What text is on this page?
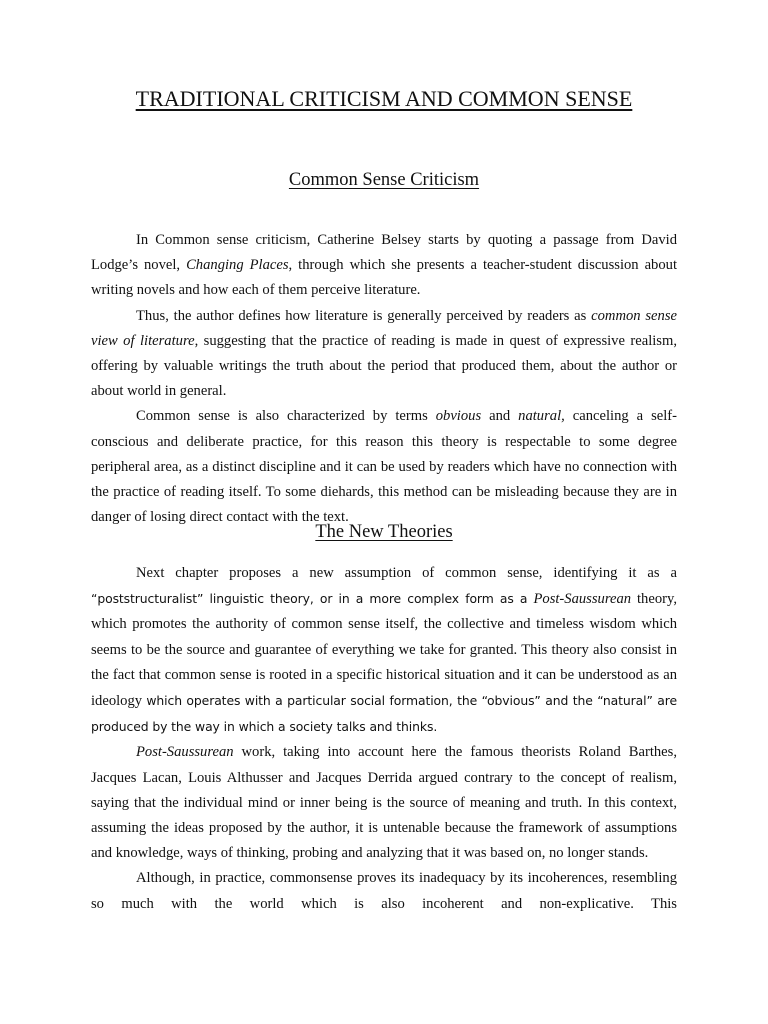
TRADITIONAL CRITICISM AND COMMON SENSE
Common Sense Criticism

In Common sense criticism, Catherine Belsey starts by quoting a passage from David Lodge’s novel, Changing Places, through which she presents a teacher-student discussion about writing novels and how each of them perceive literature.

Thus, the author defines how literature is generally perceived by readers as common sense view of literature, suggesting that the practice of reading is made in quest of expressive realism, offering by valuable writings the truth about the period that produced them, about the author or about world in general.

Common sense is also characterized by terms obvious and natural, canceling a self-conscious and deliberate practice, for this reason this theory is respectable to some degree peripheral area, as a distinct discipline and it can be used by readers which have no connection with the practice of reading itself. To some diehards, this method can be misleading because they are in danger of losing direct contact with the text.

The New Theories

Next chapter proposes a new assumption of common sense, identifying it as a “poststructuralist” linguistic theory, or in a more complex form as a Post-Saussurean theory, which promotes the authority of common sense itself, the collective and timeless wisdom which seems to be the source and guarantee of everything we take for granted. This theory also consist in the fact that common sense is rooted in a specific historical situation and it can be understood as an ideology which operates with a particular social formation, the “obvious” and the “natural” are produced by the way in which a society talks and thinks.

Post-Saussurean work, taking into account here the famous theorists Roland Barthes, Jacques Lacan, Louis Althusser and Jacques Derrida argued contrary to the concept of realism, saying that the individual mind or inner being is the source of meaning and truth. In this context, assuming the ideas proposed by the author, it is untenable because the framework of assumptions and knowledge, ways of thinking, probing and analyzing that it was based on, no longer stands.

Although, in practice, commonsense proves its inadequacy by its incoherences, resembling so much with the world which is also incoherent and non-explicative. This
